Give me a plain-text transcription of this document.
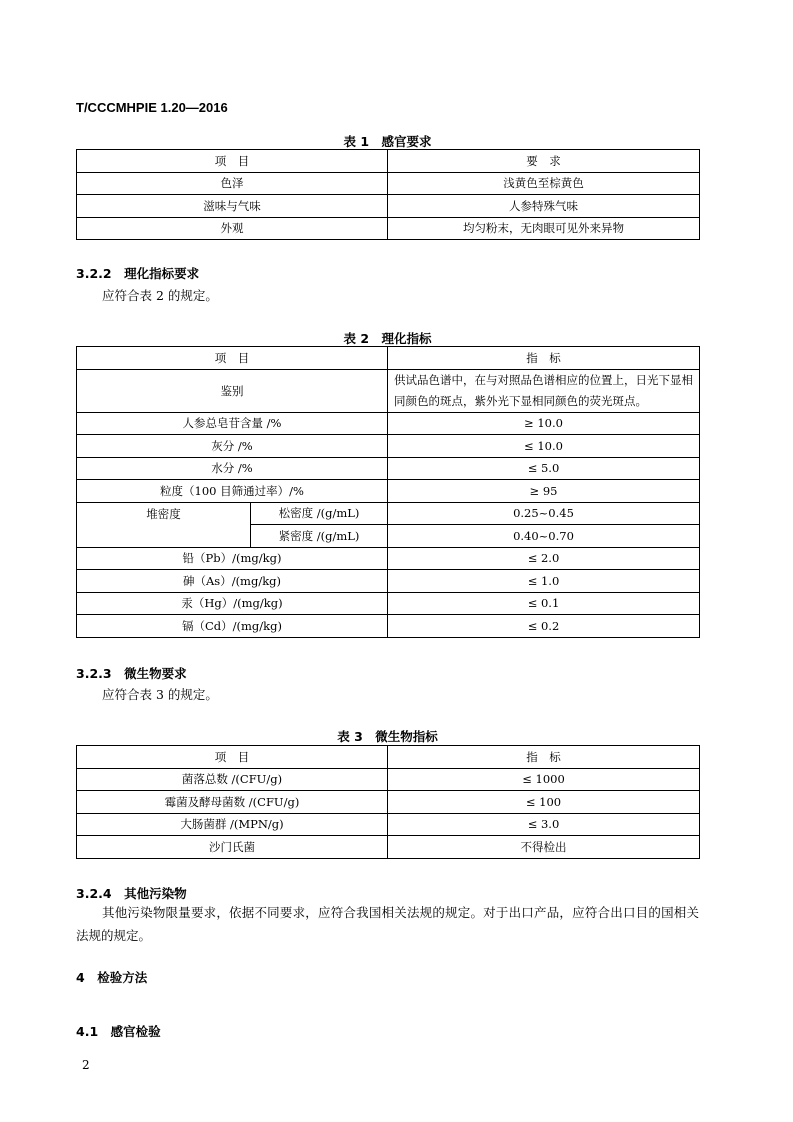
T/CCCMHPIE 1.20—2016
表 1　感官要求
项　目	要　求
色泽	浅黄色至棕黄色
滋味与气味	人参特殊气味
外观	均匀粉末，无肉眼可见外来异物
3.2.2　理化指标要求
应符合表 2 的规定。
表 2　理化指标
项　目		指　标
鉴别		供试品色谱中，在与对照品色谱相应的位置上，日光下显相同颜色的斑点，紫外光下显相同颜色的荧光斑点。
人参总皂苷含量 /%		≥ 10.0
灰分 /%		≤ 10.0
水分 /%		≤ 5.0
粒度（100 目筛通过率）/%		≥ 95
堆密度	松密度 /(g/mL)	0.25~0.45
	紧密度 /(g/mL)	0.40~0.70
铅（Pb）/(mg/kg)		≤ 2.0
砷（As）/(mg/kg)		≤ 1.0
汞（Hg）/(mg/kg)		≤ 0.1
镉（Cd）/(mg/kg)		≤ 0.2
3.2.3　微生物要求
应符合表 3 的规定。
表 3　微生物指标
项　目	指　标
菌落总数 /(CFU/g)	≤ 1000
霉菌及酵母菌数 /(CFU/g)	≤ 100
大肠菌群 /(MPN/g)	≤ 3.0
沙门氏菌	不得检出
3.2.4　其他污染物
其他污染物限量要求，依据不同要求，应符合我国相关法规的规定。对于出口产品，应符合出口目的国相关法规的规定。
4　检验方法
4.1　感官检验
2
